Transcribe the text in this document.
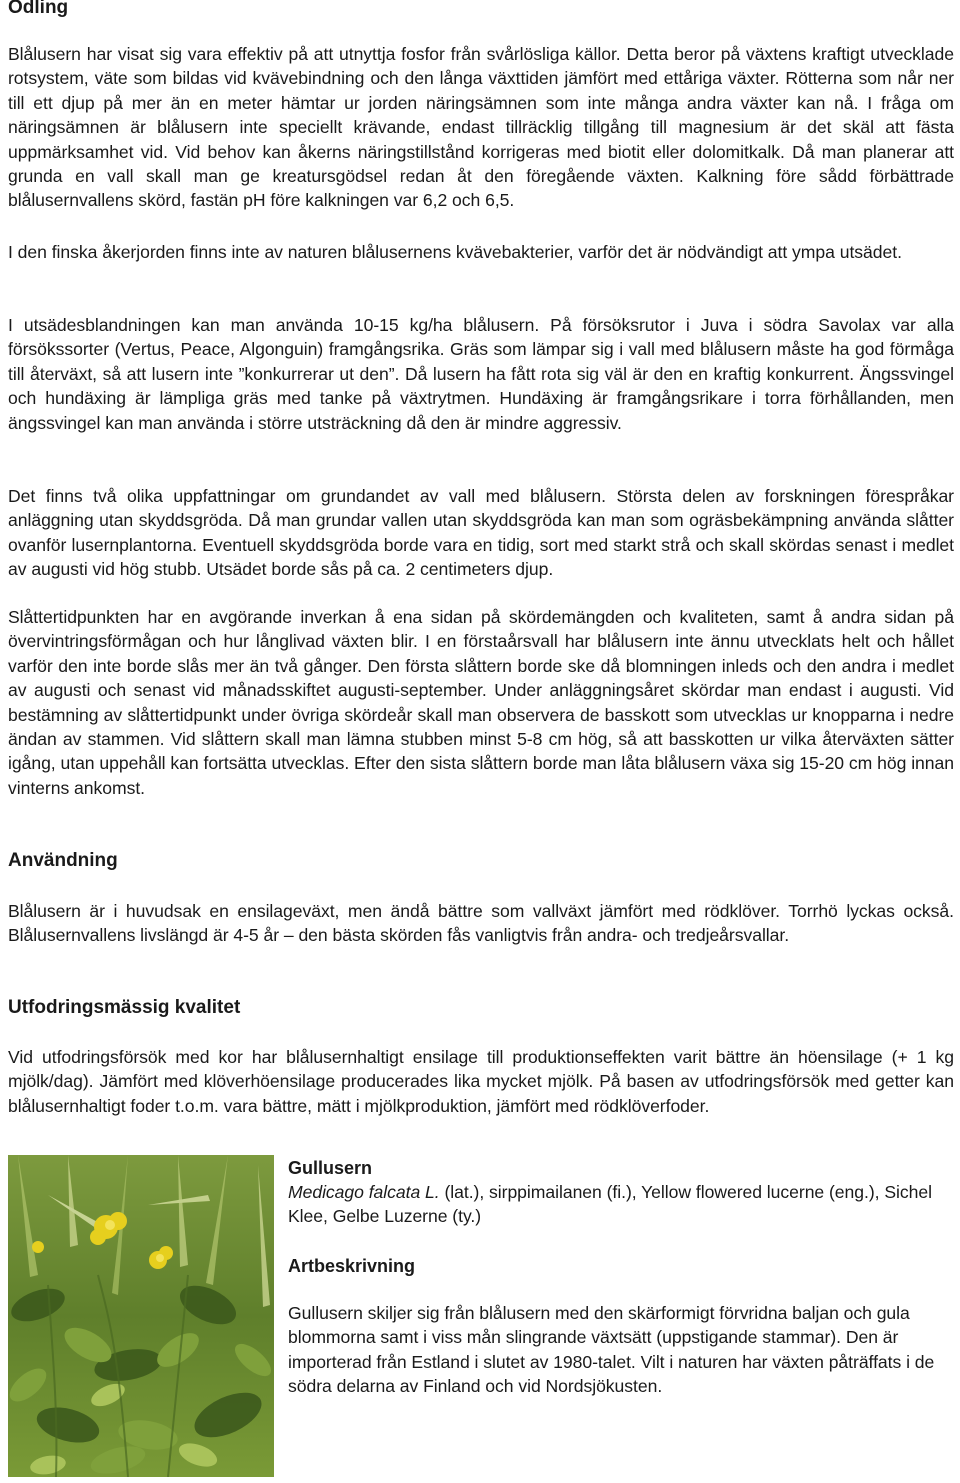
Odling

Blålusern har visat sig vara effektiv på att utnyttja fosfor från svårlösliga källor. Detta beror på växtens kraftigt utvecklade rotsystem, väte som bildas vid kvävebindning och den långa växttiden jämfört med ettåriga växter. Rötterna som når ner till ett djup på mer än en meter hämtar ur jorden näringsämnen som inte många andra växter kan nå. I fråga om näringsämnen är blålusern inte speciellt krävande, endast tillräcklig tillgång till magnesium är det skäl att fästa uppmärksamhet vid. Vid behov kan åkerns näringstillstånd korrigeras med biotit eller dolomitkalk. Då man planerar att grunda en vall skall man ge kreatursgödsel redan åt den föregående växten. Kalkning före sådd förbättrade blålusernvallens skörd, fastän pH före kalkningen var 6,2 och 6,5.

I den finska åkerjorden finns inte av naturen blålusernens kvävebakterier, varför det är nödvändigt att ympa utsädet.

I utsädesblandningen kan man använda 10-15 kg/ha blålusern. På försöksrutor i Juva i södra Savolax var alla försökssorter (Vertus, Peace, Algonguin) framgångsrika. Gräs som lämpar sig i vall med blålusern måste ha god förmåga till återväxt, så att lusern inte ”konkurrerar ut den”. Då lusern ha fått rota sig väl är den en kraftig konkurrent. Ängssvingel och hundäxing är lämpliga gräs med tanke på växtrytmen. Hundäxing är framgångsrikare i torra förhållanden, men ängssvingel kan man använda i större utsträckning då den är mindre aggressiv.

Det finns två olika uppfattningar om grundandet av vall med blålusern. Största delen av forskningen förespråkar anläggning utan skyddsgröda. Då man grundar vallen utan skyddsgröda kan man som ogräsbekämpning använda slåtter ovanför lusernplantorna. Eventuell skyddsgröda borde vara en tidig, sort med starkt strå och skall skördas senast i medlet av augusti vid hög stubb. Utsädet borde sås på ca. 2 centimeters djup.

Slåttertidpunkten har en avgörande inverkan å ena sidan på skördemängden och kvaliteten, samt å andra sidan på övervintringsförmågan och hur långlivad växten blir. I en förstaårsvall har blålusern inte ännu utvecklats helt och hållet varför den inte borde slås mer än två gånger. Den första slåttern borde ske då blomningen inleds och den andra i medlet av augusti och senast vid månadsskiftet augusti-september. Under anläggningsåret skördar man endast i augusti. Vid bestämning av slåttertidpunkt under övriga skördeår skall man observera de basskott som utvecklas ur knopparna i nedre ändan av stammen. Vid slåttern skall man lämna stubben minst 5-8 cm hög, så att basskotten ur vilka återväxten sätter igång, utan uppehåll kan fortsätta utvecklas. Efter den sista slåttern borde man låta blålusern växa sig 15-20 cm hög innan vinterns ankomst.

Användning

Blålusern är i huvudsak en ensilageväxt, men ändå bättre som vallväxt jämfört med rödklöver. Torrhö lyckas också. Blålusernvallens livslängd är 4-5 år – den bästa skörden fås vanligtvis från andra- och tredjeårsvallar.

Utfodringsmässig kvalitet

Vid utfodringsförsök med kor har blålusernhaltigt ensilage till produktionseffekten varit bättre än höensilage (+ 1 kg mjölk/dag). Jämfört med klöverhöensilage producerades lika mycket mjölk. På basen av utfodringsförsök med getter kan blålusernhaltigt foder t.o.m. vara bättre, mätt i mjölkproduktion, jämfört med rödklöverfoder.

Gullusern

Medicago falcata L. (lat.), sirppimailanen (fi.), Yellow flowered lucerne (eng.), Sichel Klee, Gelbe Luzerne (ty.)

Artbeskrivning

Gullusern skiljer sig från blålusern med den skärformigt förvridna baljan och gula blommorna samt i viss mån slingrande växtsätt (uppstigande stammar). Den är importerad från Estland i slutet av 1980-talet. Vilt i naturen har växten påträffats i de södra delarna av Finland och vid Nordsjökusten.
